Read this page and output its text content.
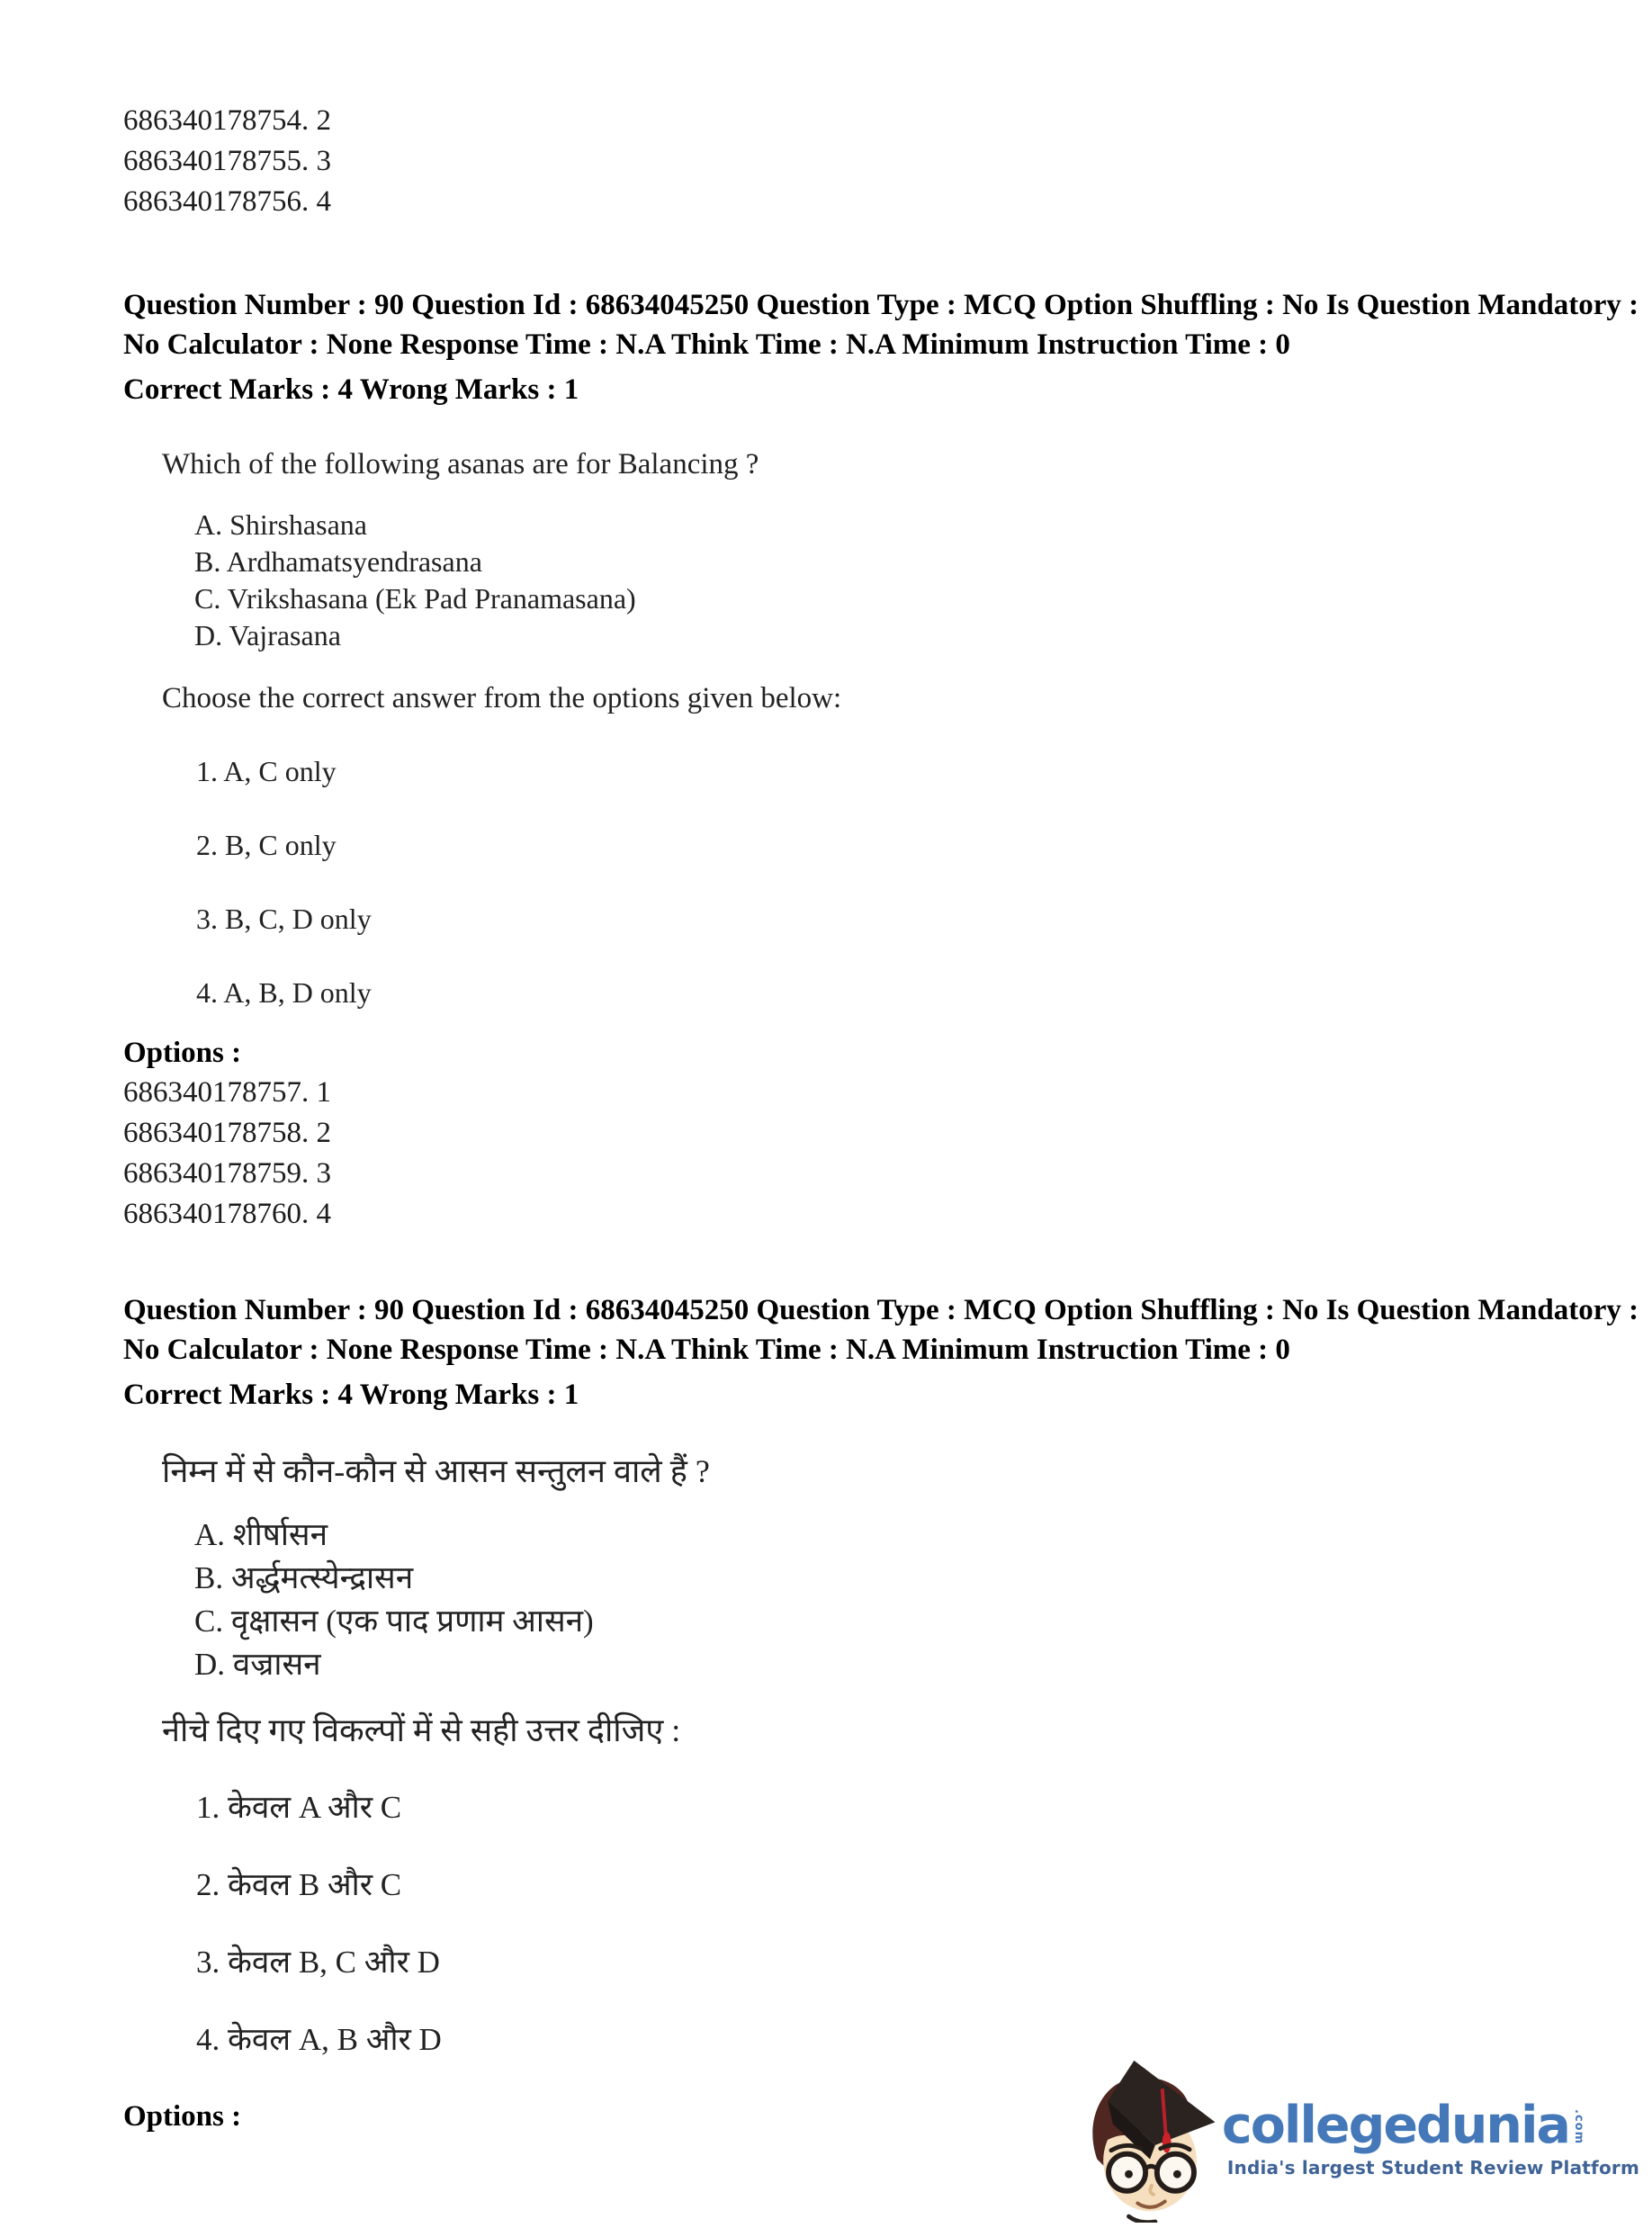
686340178754. 2
686340178755. 3
686340178756. 4
Question Number : 90 Question Id : 68634045250 Question Type : MCQ Option Shuffling : No Is Question Mandatory :
No Calculator : None Response Time : N.A Think Time : N.A Minimum Instruction Time : 0
Correct Marks : 4 Wrong Marks : 1
Which of the following asanas are for Balancing ?
A. Shirshasana
B. Ardhamatsyendrasana
C. Vrikshasana (Ek Pad Pranamasana)
D. Vajrasana
Choose the correct answer from the options given below:
1. A, C only
2. B, C only
3. B, C, D only
4. A, B, D only
Options :
686340178757. 1
686340178758. 2
686340178759. 3
686340178760. 4
Question Number : 90 Question Id : 68634045250 Question Type : MCQ Option Shuffling : No Is Question Mandatory :
No Calculator : None Response Time : N.A Think Time : N.A Minimum Instruction Time : 0
Correct Marks : 4 Wrong Marks : 1
निम्न में से कौन-कौन से आसन सन्तुलन वाले हैं ?
A. शीर्षासन
B. अर्द्धमत्स्येन्द्रासन
C. वृक्षासन (एक पाद प्रणाम आसन)
D. वज्रासन
नीचे दिए गए विकल्पों में से सही उत्तर दीजिए :
1. केवल A और C
2. केवल B और C
3. केवल B, C और D
4. केवल A, B और D
Options :	collegedunia .com
India's largest Student Review Platform
